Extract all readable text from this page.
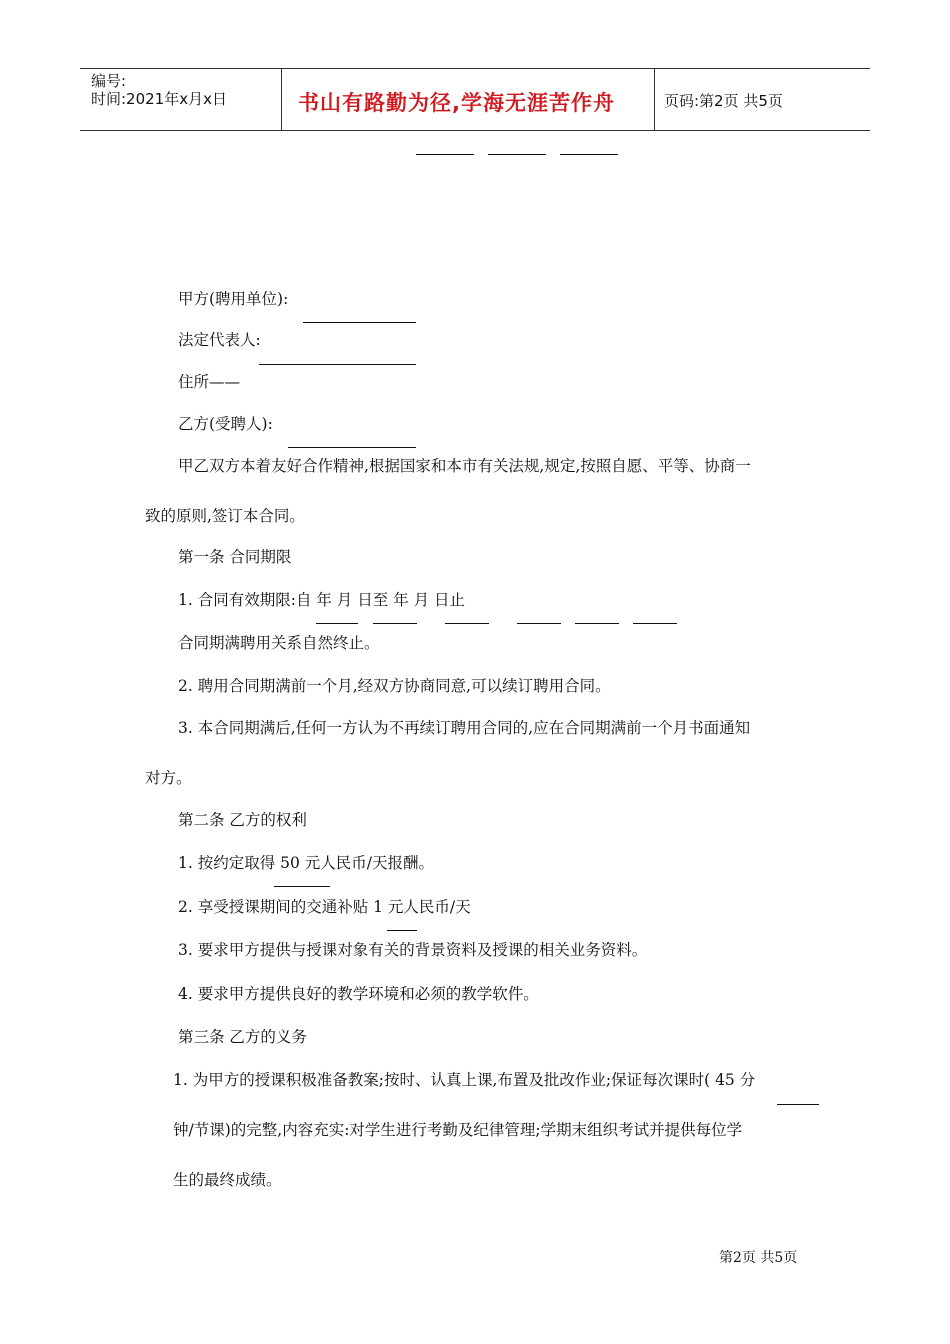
编号:
时间:2021年x月x日	书山有路勤为径,学海无涯苦作舟	页码:第2页 共5页
甲方(聘用单位):
法定代表人:
住所——
乙方(受聘人):
甲乙双方本着友好合作精神,根据国家和本市有关法规,规定,按照自愿、平等、协商一
致的原则,签订本合同。
第一条 合同期限
1. 合同有效期限:自 年 月 日至 年 月 日止
合同期满聘用关系自然终止。
2. 聘用合同期满前一个月,经双方协商同意,可以续订聘用合同。
3. 本合同期满后,任何一方认为不再续订聘用合同的,应在合同期满前一个月书面通知
对方。
第二条 乙方的权利
1. 按约定取得 50 元人民币/天报酬。
2. 享受授课期间的交通补贴 1 元人民币/天
3. 要求甲方提供与授课对象有关的背景资料及授课的相关业务资料。
4. 要求甲方提供良好的教学环境和必须的教学软件。
第三条 乙方的义务
1. 为甲方的授课积极准备教案;按时、认真上课,布置及批改作业;保证每次课时( 45 分
钟/节课)的完整,内容充实:对学生进行考勤及纪律管理;学期末组织考试并提供每位学
生的最终成绩。
第2页 共5页
